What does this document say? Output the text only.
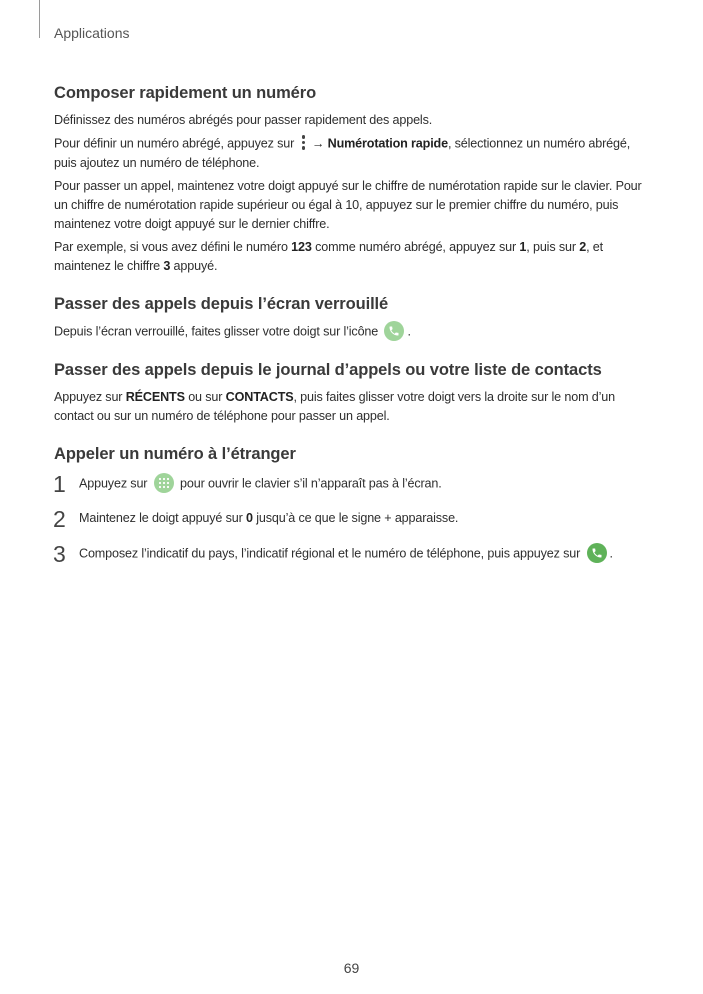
Applications
Composer rapidement un numéro

Définissez des numéros abrégés pour passer rapidement des appels.

Pour définir un numéro abrégé, appuyez sur
→ Numérotation rapide, sélectionnez un numéro abrégé, puis ajoutez un numéro de téléphone.

Pour passer un appel, maintenez votre doigt appuyé sur le chiffre de numérotation rapide sur le clavier. Pour un chiffre de numérotation rapide supérieur ou égal à 10, appuyez sur le premier chiffre du numéro, puis maintenez votre doigt appuyé sur le dernier chiffre.

Par exemple, si vous avez défini le numéro 123 comme numéro abrégé, appuyez sur 1, puis sur 2, et maintenez le chiffre 3 appuyé.

Passer des appels depuis l’écran verrouillé

Depuis l’écran verrouillé, faites glisser votre doigt sur l’icône
.

Passer des appels depuis le journal d’appels ou votre liste de contacts

Appuyez sur RÉCENTS ou sur CONTACTS, puis faites glisser votre doigt vers la droite sur le nom d’un contact ou sur un numéro de téléphone pour passer un appel.

Appeler un numéro à l’étranger
1	Appuyez sur
pour ouvrir le clavier s’il n’apparaît pas à l’écran.

2	Maintenez le doigt appuyé sur 0 jusqu’à ce que le signe + apparaisse.

3	Composez l’indicatif du pays, l’indicatif régional et le numéro de téléphone, puis appuyez sur
.

69
